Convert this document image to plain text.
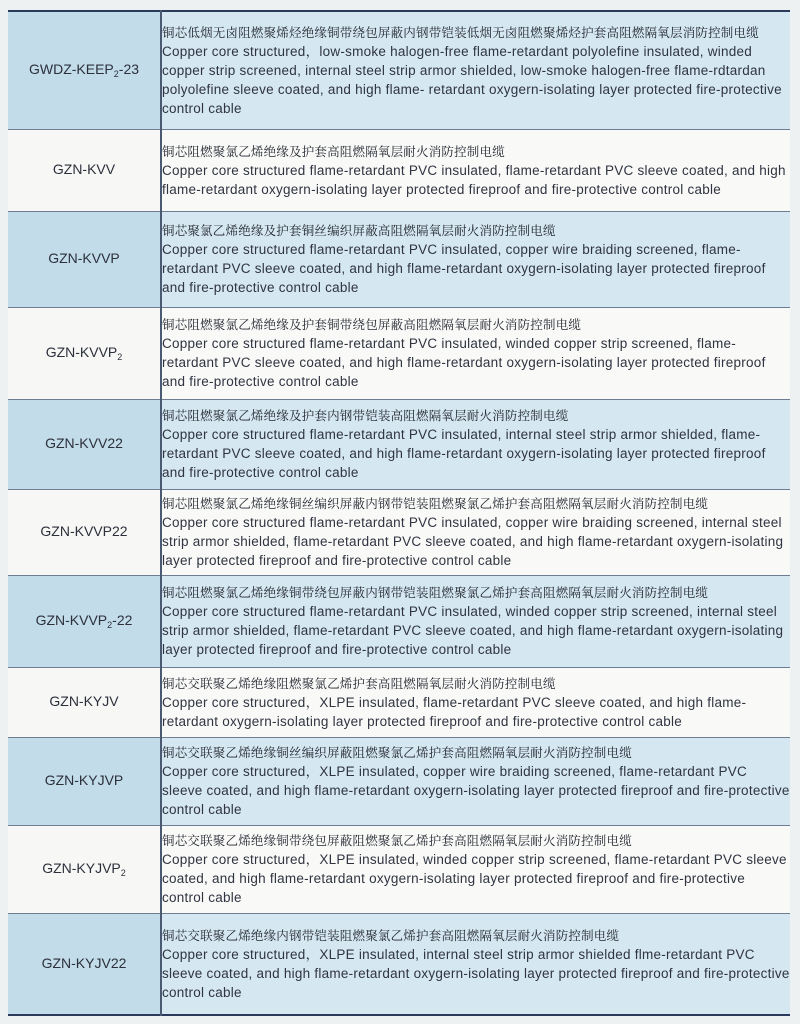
GWDZ-$KEEP_2-23$	铜芯低烟无卤阻燃聚烯烃绝缘铜带绕包屏蔽内钢带铠装低烟无卤阻燃聚烯烃护套高阻燃隔氧层消防控制电缆
Copper core structured，low-smoke halogen-free flame-retardant polyolefine insulated, winded copper strip screened, internal steel strip armor shielded, low-smoke halogen-free flame-rdtardan polyolefine sleeve coated, and high flame- retardant oxygern-isolating layer protected fire-protective control cable

GZN-KVV	铜芯阻燃聚氯乙烯绝缘及护套高阻燃隔氧层耐火消防控制电缆
Copper core structured flame-retardant PVC insulated, flame-retardant PVC sleeve coated, and high flame-retardant oxygern-isolating layer protected fireproof and fire-protective control cable

GZN-KVVP	铜芯聚氯乙烯绝缘及护套铜丝编织屏蔽高阻燃隔氧层耐火消防控制电缆
Copper core structured flame-retardant PVC insulated, copper wire braiding screened, flame-retardant PVC sleeve coated, and high flame-retardant oxygern-isolating layer protected fireproof and fire-protective control cable

GZN-$KVVP_2$	铜芯阻燃聚氯乙烯绝缘及护套铜带绕包屏蔽高阻燃隔氧层耐火消防控制电缆
Copper core structured flame-retardant PVC insulated, winded copper strip screened, flame-retardant PVC sleeve coated, and high flame-retardant oxygern-isolating layer protected fireproof and fire-protective control cable

GZN-KVV22	铜芯阻燃聚氯乙烯绝缘及护套内钢带铠装高阻燃隔氧层耐火消防控制电缆
Copper core structured flame-retardant PVC insulated, internal steel strip armor shielded, flame-retardant PVC sleeve coated, and high flame-retardant oxygern-isolating layer protected fireproof and fire-protective control cable

GZN-KVVP22	铜芯阻燃聚氯乙烯绝缘铜丝编织屏蔽内钢带铠装阻燃聚氯乙烯护套高阻燃隔氧层耐火消防控制电缆
Copper core structured flame-retardant PVC insulated, copper wire braiding screened, internal steel strip armor shielded, flame-retardant PVC sleeve coated, and high flame-retardant oxygern-isolating layer protected fireproof and fire-protective control cable

GZN-$KVVP_2-22$	铜芯阻燃聚氯乙烯绝缘铜带绕包屏蔽内钢带铠装阻燃聚氯乙烯护套高阻燃隔氧层耐火消防控制电缆
Copper core structured flame-retardant PVC insulated, winded copper strip screened, internal steel strip armor shielded, flame-retardant PVC sleeve coated, and high flame-retardant oxygern-isolating layer protected fireproof and fire-protective control cable

GZN-KYJV	铜芯交联聚乙烯绝缘阻燃聚氯乙烯护套高阻燃隔氧层耐火消防控制电缆
Copper core structured，XLPE insulated, flame-retardant PVC sleeve coated, and high flame-retardant oxygern-isolating layer protected fireproof and fire-protective control cable

GZN-KYJVP	铜芯交联聚乙烯绝缘铜丝编织屏蔽阻燃聚氯乙烯护套高阻燃隔氧层耐火消防控制电缆
Copper core structured，XLPE insulated, copper wire braiding screened, flame-retardant PVC sleeve coated, and high flame-retardant oxygern-isolating layer protected fireproof and fire-protective control cable

GZN-$KYJVP_2$	铜芯交联聚乙烯绝缘铜带绕包屏蔽阻燃聚氯乙烯护套高阻燃隔氧层耐火消防控制电缆
Copper core structured，XLPE insulated, winded copper strip screened, flame-retardant PVC sleeve coated, and high flame-retardant oxygern-isolating layer protected fireproof and fire-protective control cable

GZN-KYJV22	铜芯交联聚乙烯绝缘内钢带铠装阻燃聚氯乙烯护套高阻燃隔氧层耐火消防控制电缆
Copper core structured，XLPE insulated, internal steel strip armor shielded flme-retardant PVC sleeve coated, and high flame-retardant oxygern-isolating layer protected fireproof and fire-protective control cable
